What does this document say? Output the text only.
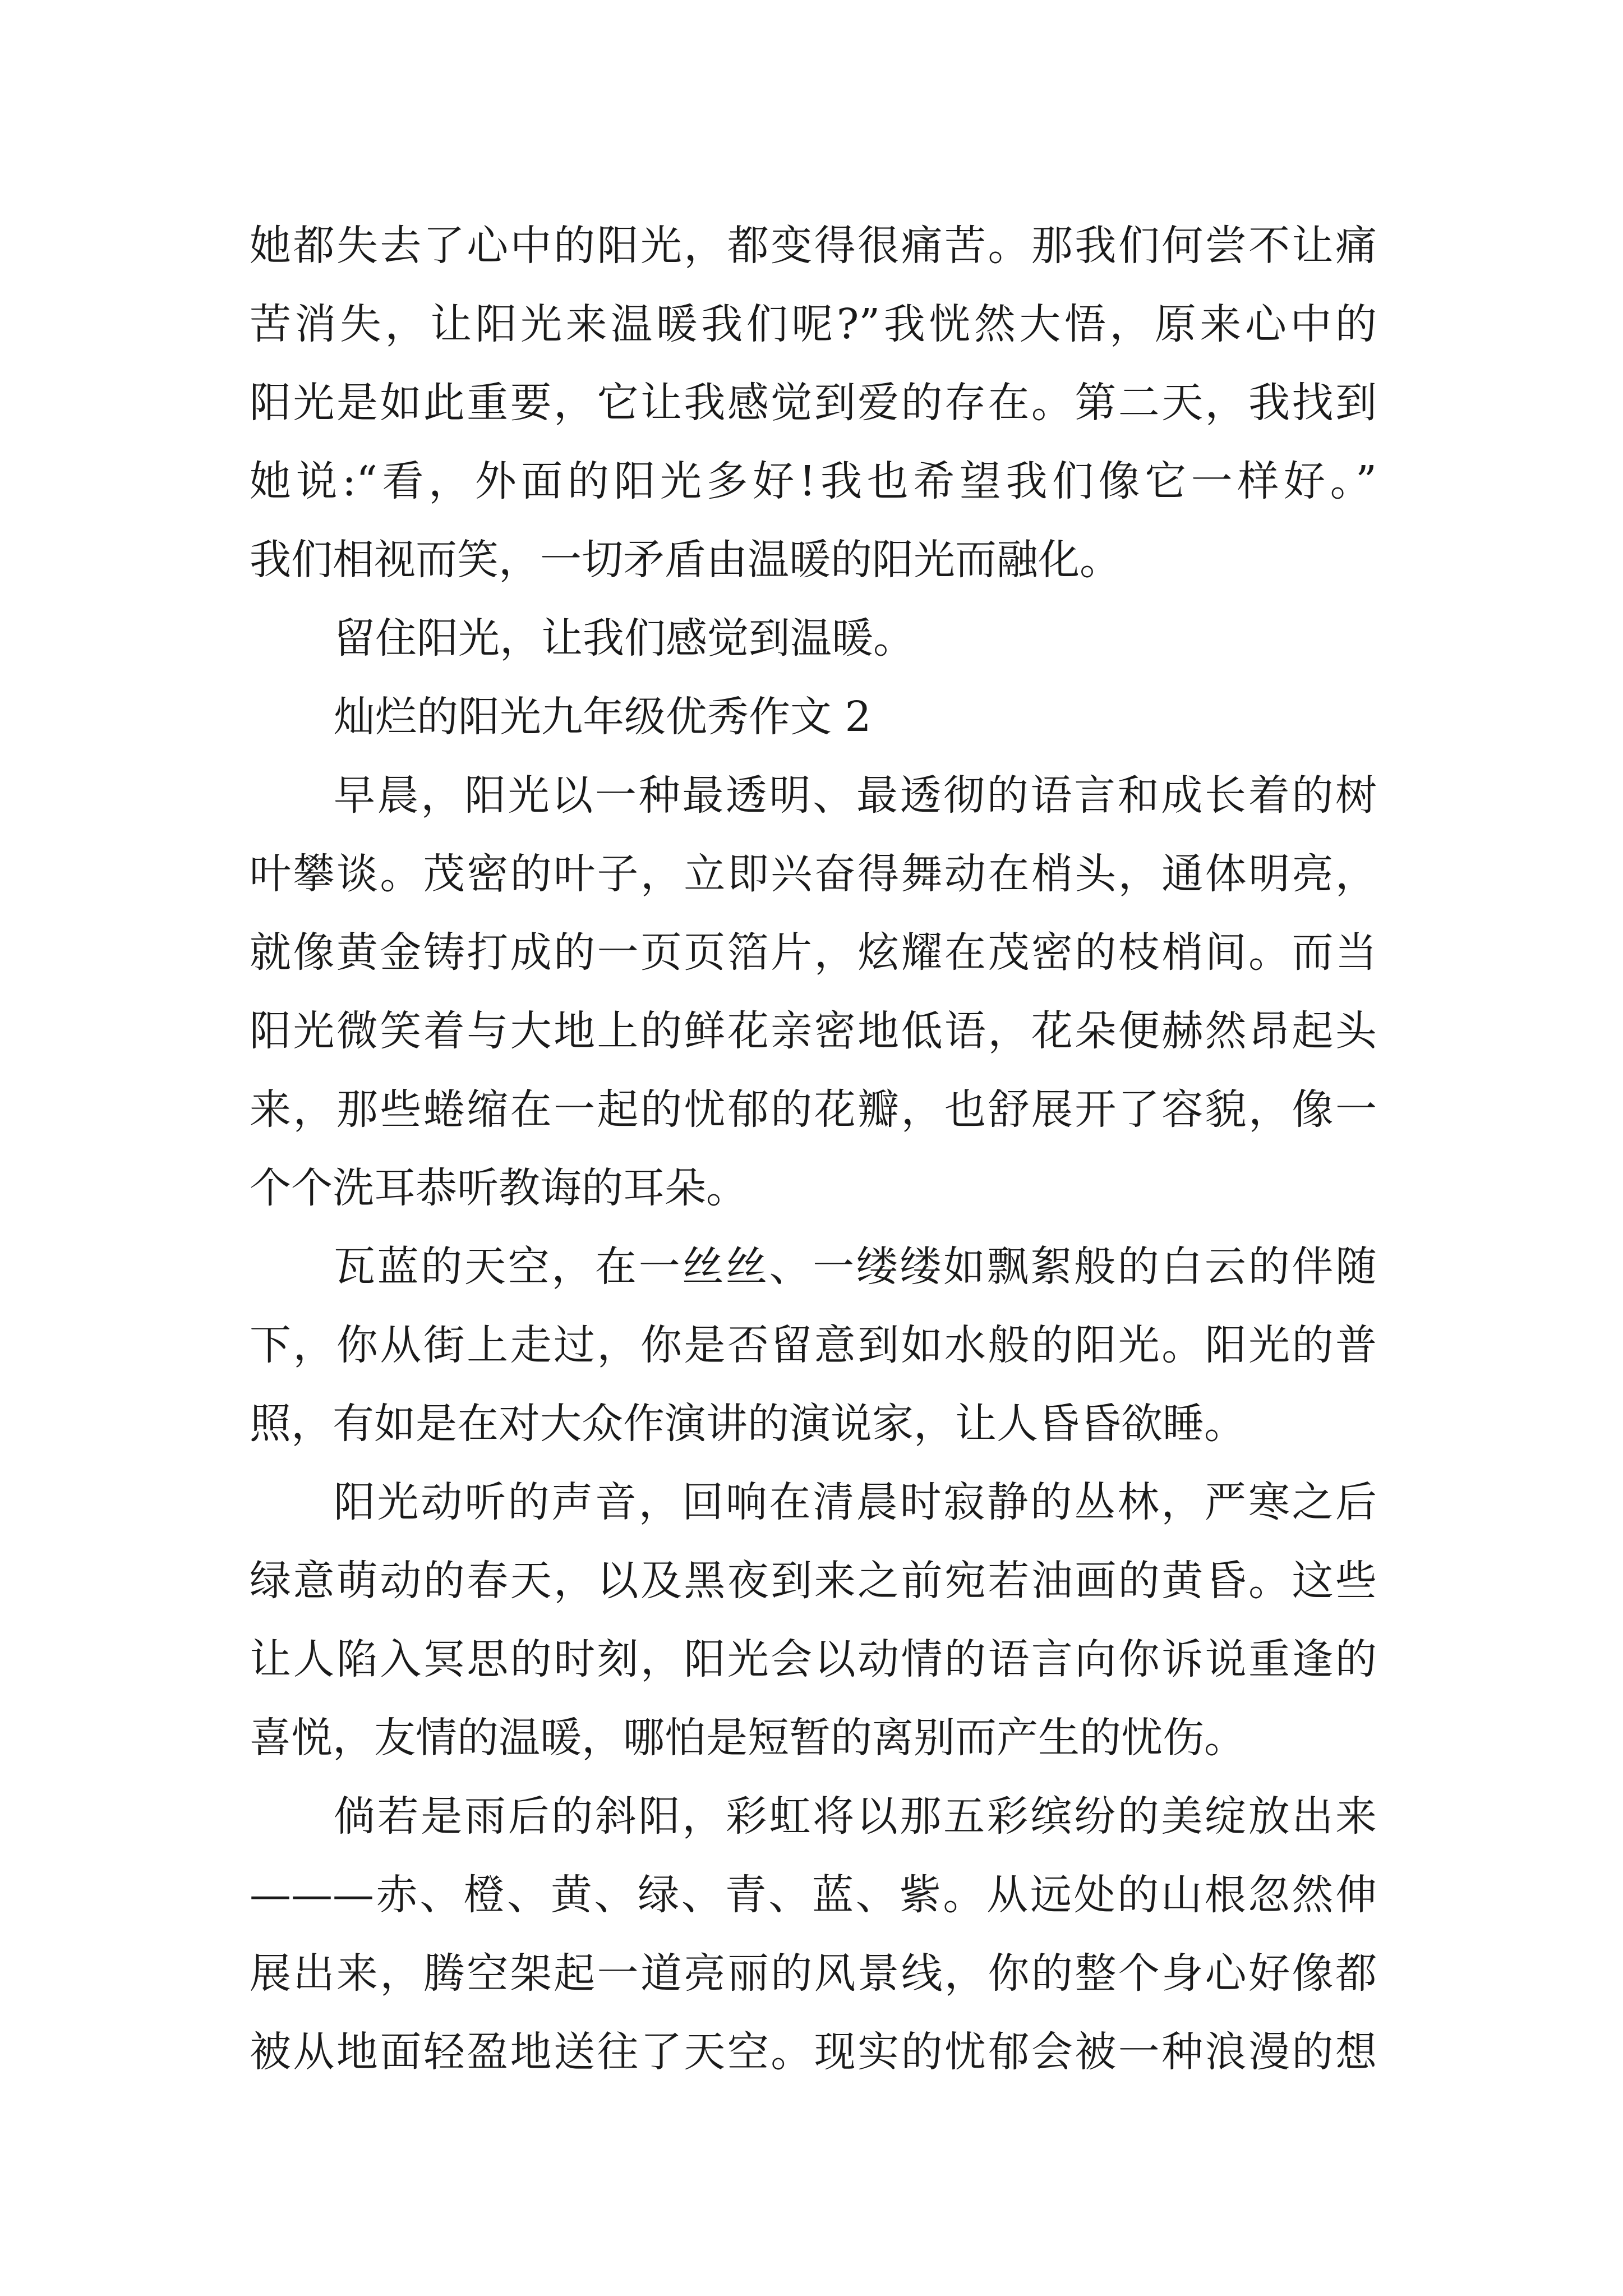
她都失去了心中的阳光，都变得很痛苦。那我们何尝不让痛
苦消失，让阳光来温暖我们呢?”我恍然大悟，原来心中的
阳光是如此重要，它让我感觉到爱的存在。第二天，我找到
她说:“看，外面的阳光多好!我也希望我们像它一样好。”
我们相视而笑，一切矛盾由温暖的阳光而融化。
留住阳光，让我们感觉到温暖。
灿烂的阳光九年级优秀作文 2
早晨，阳光以一种最透明、最透彻的语言和成长着的树
叶攀谈。茂密的叶子，立即兴奋得舞动在梢头，通体明亮，
就像黄金铸打成的一页页箔片，炫耀在茂密的枝梢间。而当
阳光微笑着与大地上的鲜花亲密地低语，花朵便赫然昂起头
来，那些蜷缩在一起的忧郁的花瓣，也舒展开了容貌，像一
个个洗耳恭听教诲的耳朵。
瓦蓝的天空，在一丝丝、一缕缕如飘絮般的白云的伴随
下，你从街上走过，你是否留意到如水般的阳光。阳光的普
照，有如是在对大众作演讲的演说家，让人昏昏欲睡。
阳光动听的声音，回响在清晨时寂静的丛林，严寒之后
绿意萌动的春天，以及黑夜到来之前宛若油画的黄昏。这些
让人陷入冥思的时刻，阳光会以动情的语言向你诉说重逢的
喜悦，友情的温暖，哪怕是短暂的离别而产生的忧伤。
倘若是雨后的斜阳，彩虹将以那五彩缤纷的美绽放出来
———赤、橙、黄、绿、青、蓝、紫。从远处的山根忽然伸
展出来，腾空架起一道亮丽的风景线，你的整个身心好像都
被从地面轻盈地送往了天空。现实的忧郁会被一种浪漫的想
